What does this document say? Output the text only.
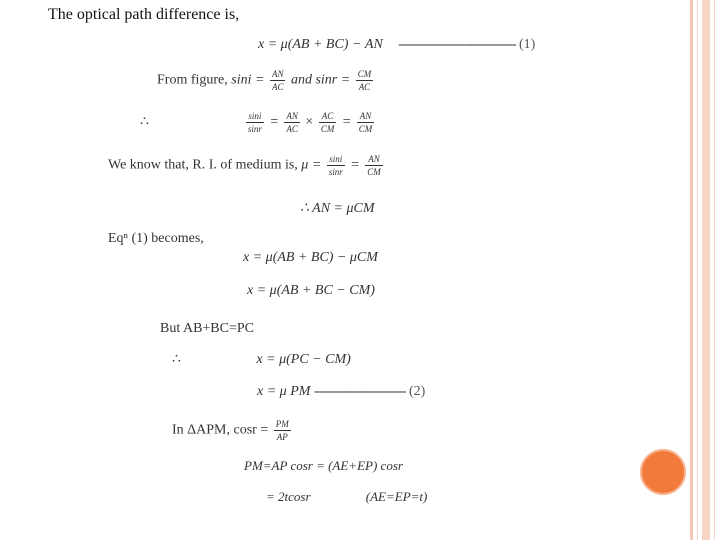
The optical path difference is,
x = μ(AB + BC) − AN -------------------------------- (1)
From figure, $\sin i = \frac{AN}{AC}$ and $\sin r = \frac{CM}{AC}$
∴	$\frac{\sin i}{\sin r} = \frac{AN}{AC} \times \frac{AC}{CM} = \frac{AN}{CM}$
We know that, R. I. of medium is, $\mu = \frac{\sin i}{\sin r} = \frac{AN}{CM}$
∴ AN = μCM
Eqⁿ (1) becomes,
x = μ(AB + BC) − μCM
x = μ(AB + BC − CM)
But AB+BC=PC
∴	x = μ(PC − CM)
x = μ PM ------------------------- (2)
In ΔAPM, $\cos r = \frac{PM}{AP}$
PM=AP cosr = (AE+EP) cosr
= 2tcosr	(AE=EP=t)
